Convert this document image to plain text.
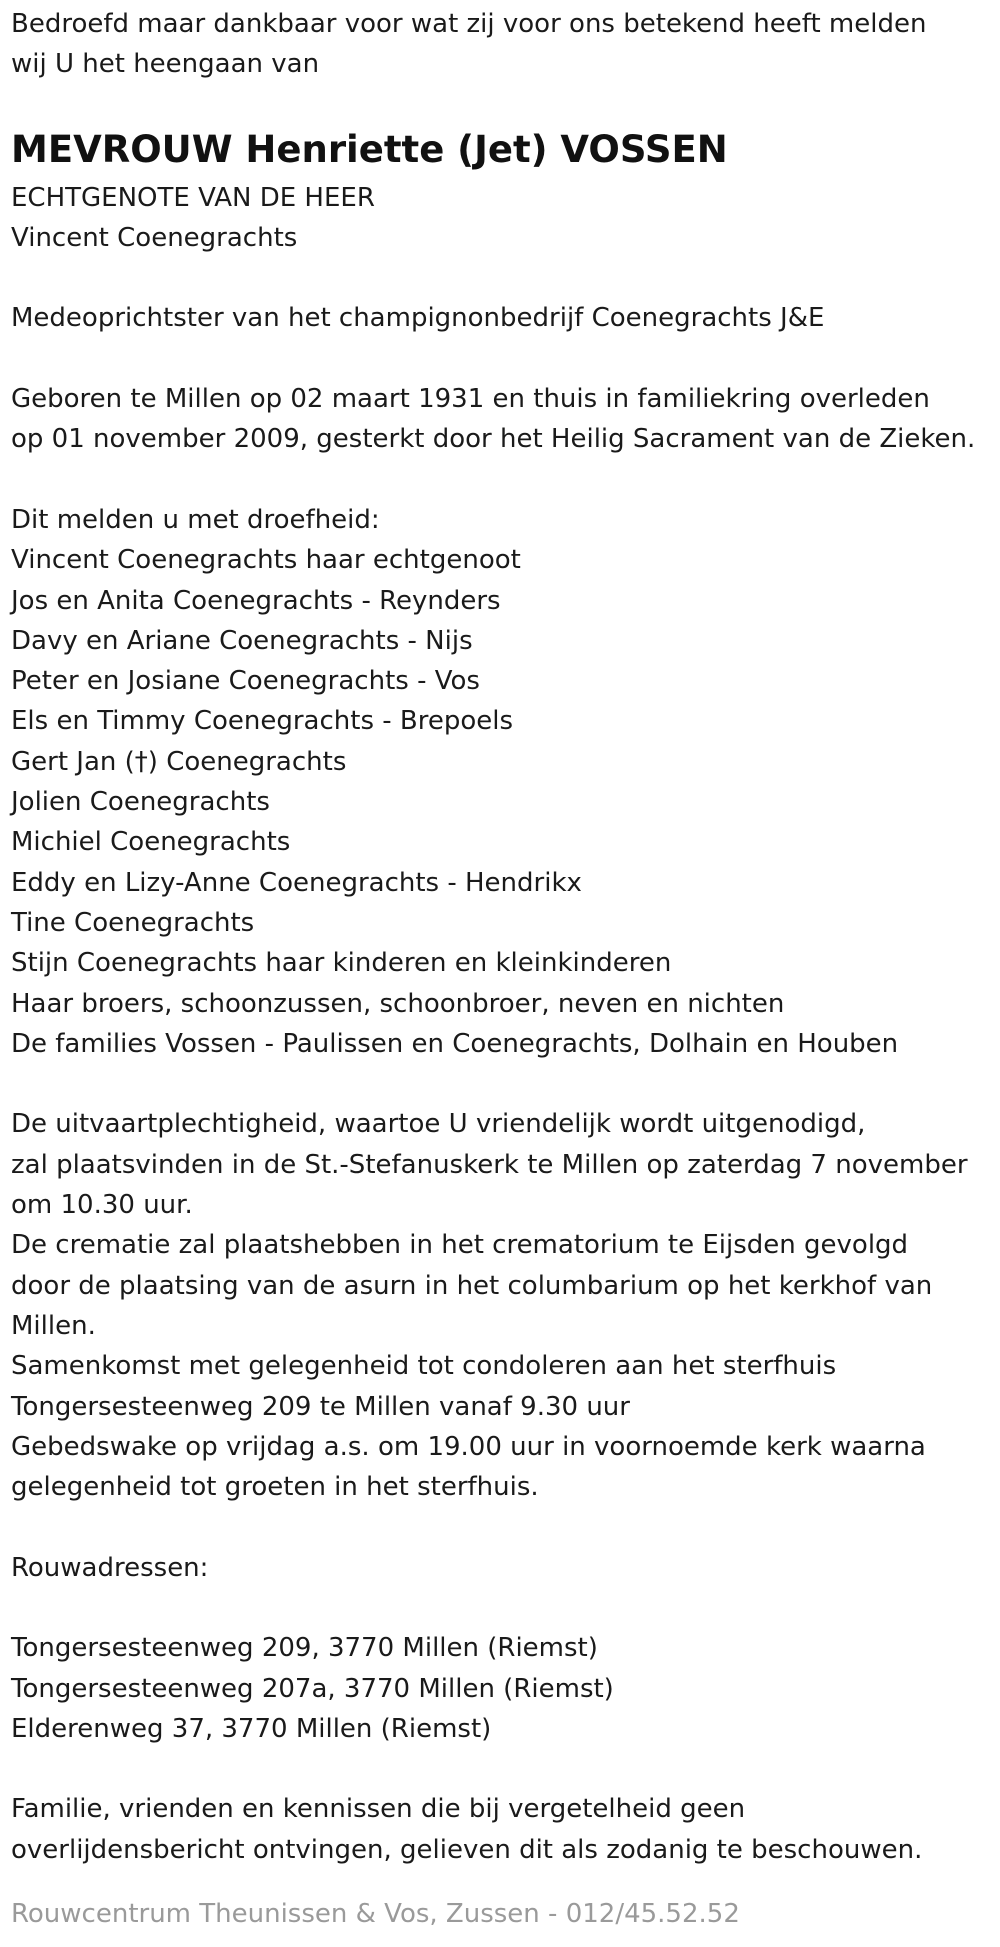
Bedroefd maar dankbaar voor wat zij voor ons betekend heeft melden
wij U het heengaan van
MEVROUW Henriette (Jet) VOSSEN
ECHTGENOTE VAN DE HEER
Vincent Coenegrachts
Medeoprichtster van het champignonbedrijf Coenegrachts J&E
Geboren te Millen op 02 maart 1931 en thuis in familiekring overleden
op 01 november 2009, gesterkt door het Heilig Sacrament van de Zieken.
Dit melden u met droefheid:
Vincent Coenegrachts haar echtgenoot
Jos en Anita Coenegrachts - Reynders
Davy en Ariane Coenegrachts - Nijs
Peter en Josiane Coenegrachts - Vos
Els en Timmy Coenegrachts - Brepoels
Gert Jan (†) Coenegrachts
Jolien Coenegrachts
Michiel Coenegrachts
Eddy en Lizy-Anne Coenegrachts - Hendrikx
Tine Coenegrachts
Stijn Coenegrachts haar kinderen en kleinkinderen
Haar broers, schoonzussen, schoonbroer, neven en nichten
De families Vossen - Paulissen en Coenegrachts, Dolhain en Houben
De uitvaartplechtigheid, waartoe U vriendelijk wordt uitgenodigd,
zal plaatsvinden in de St.-Stefanuskerk te Millen op zaterdag 7 november
om 10.30 uur.
De crematie zal plaatshebben in het crematorium te Eijsden gevolgd
door de plaatsing van de asurn in het columbarium op het kerkhof van
Millen.
Samenkomst met gelegenheid tot condoleren aan het sterfhuis
Tongersesteenweg 209 te Millen vanaf 9.30 uur
Gebedswake op vrijdag a.s. om 19.00 uur in voornoemde kerk waarna
gelegenheid tot groeten in het sterfhuis.
Rouwadressen:
Tongersesteenweg 209, 3770 Millen (Riemst)
Tongersesteenweg 207a, 3770 Millen (Riemst)
Elderenweg 37, 3770 Millen (Riemst)
Familie, vrienden en kennissen die bij vergetelheid geen
overlijdensbericht ontvingen, gelieven dit als zodanig te beschouwen.
Rouwcentrum Theunissen & Vos, Zussen - 012/45.52.52
